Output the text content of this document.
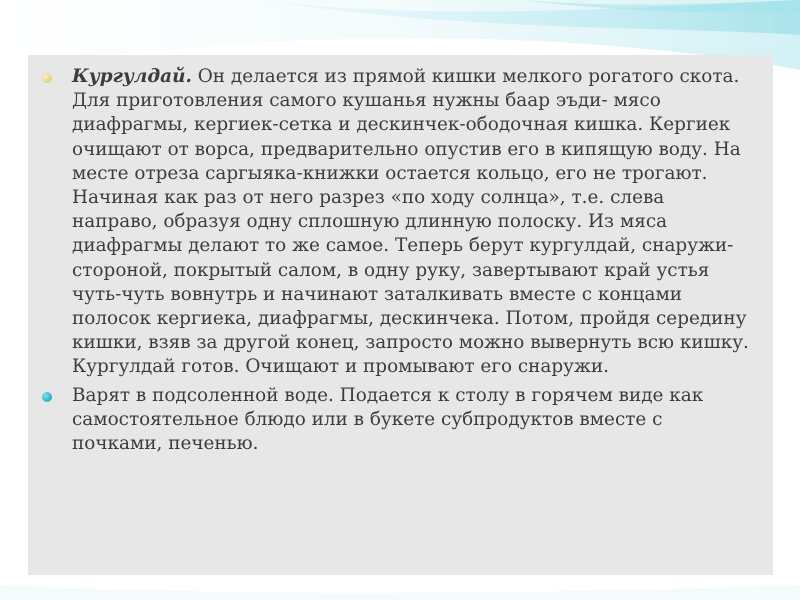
Кургулдай. Он делается из прямой кишки мелкого рогатого скота. Для приготовления самого кушанья нужны баар эъди- мясо диафрагмы, кергиек-сетка и дескинчек-ободочная кишка. Кергиек очищают от ворса, предварительно опустив его в кипящую воду. На месте отреза саргыяка-книжки остается кольцо, его не трогают. Начиная как раз от него разрез «по ходу солнца», т.е. слева направо, образуя одну сплошную длинную полоску. Из мяса диафрагмы делают то же самое. Теперь берут кургулдай, снаружи- стороной, покрытый салом, в одну руку, завертывают край устья чуть-чуть вовнутрь и начинают заталкивать вместе с концами полосок кергиека, диафрагмы, дескинчека. Потом, пройдя середину кишки, взяв за другой конец, запросто можно вывернуть всю кишку. Кургулдай готов. Очищают и промывают его снаружи.
Варят в подсоленной воде. Подается к столу в горячем виде как самостоятельное блюдо или в букете субпродуктов вместе с почками, печенью.
